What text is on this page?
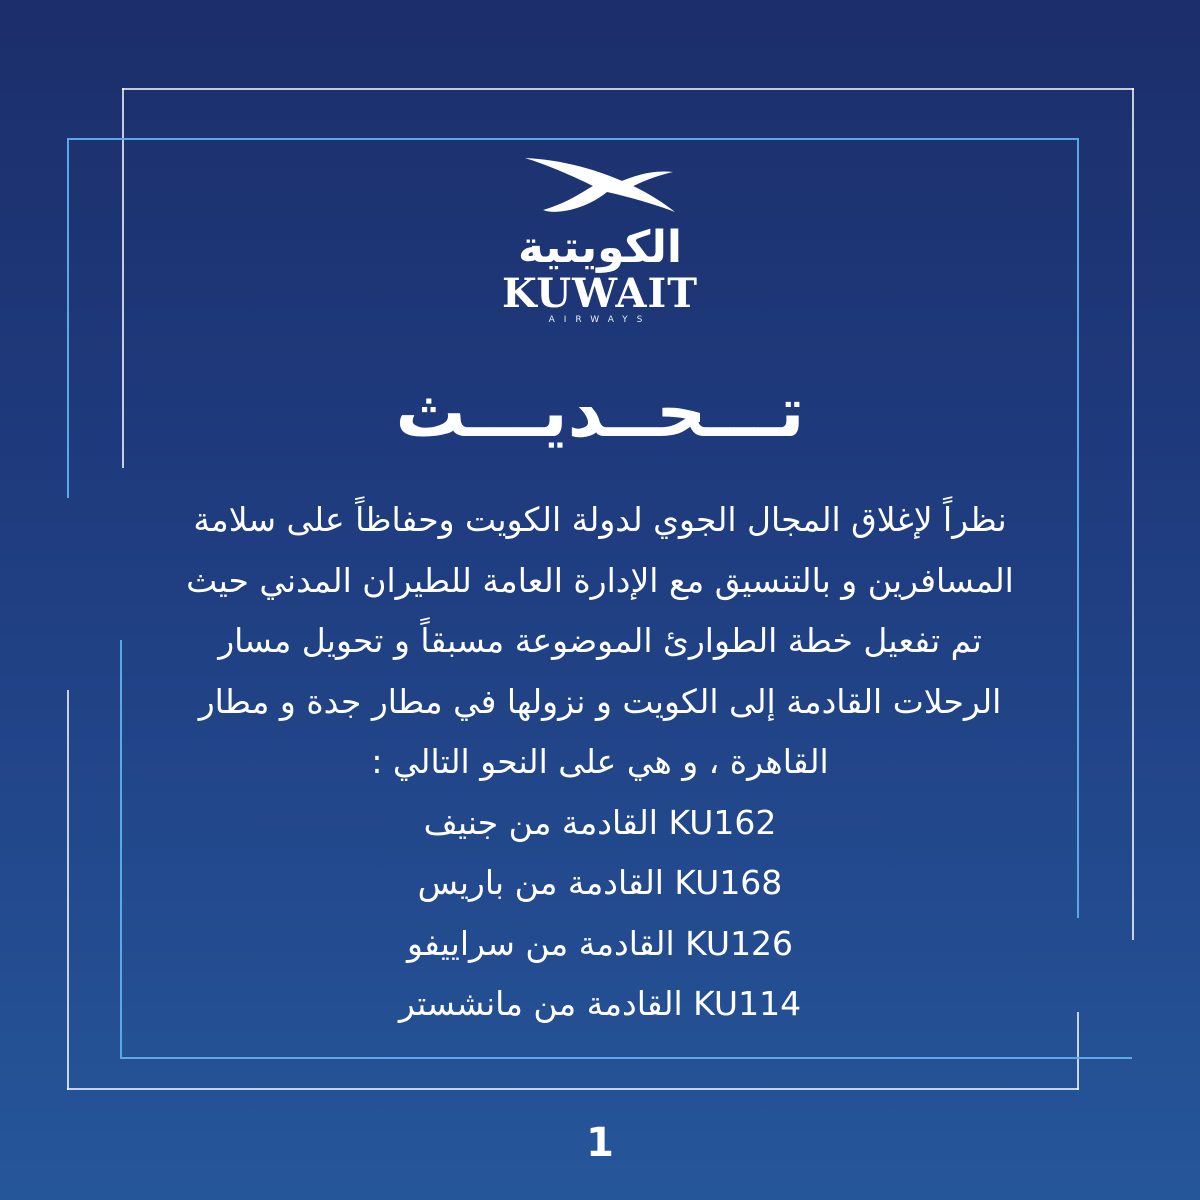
الكويتية
KUWAIT
AIRWAYS
تـــحــديـــث
نظراً لإغلاق المجال الجوي لدولة الكويت وحفاظاً على سلامة
المسافرين و بالتنسيق مع الإدارة العامة للطيران المدني حيث
تم تفعيل خطة الطوارئ الموضوعة مسبقاً و تحويل مسار
الرحلات القادمة إلى الكويت و نزولها في مطار جدة و مطار
القاهرة ، و هي على النحو التالي :
KU162 القادمة من جنيف
KU168 القادمة من باريس
KU126 القادمة من سراييفو
KU114 القادمة من مانشستر
1
